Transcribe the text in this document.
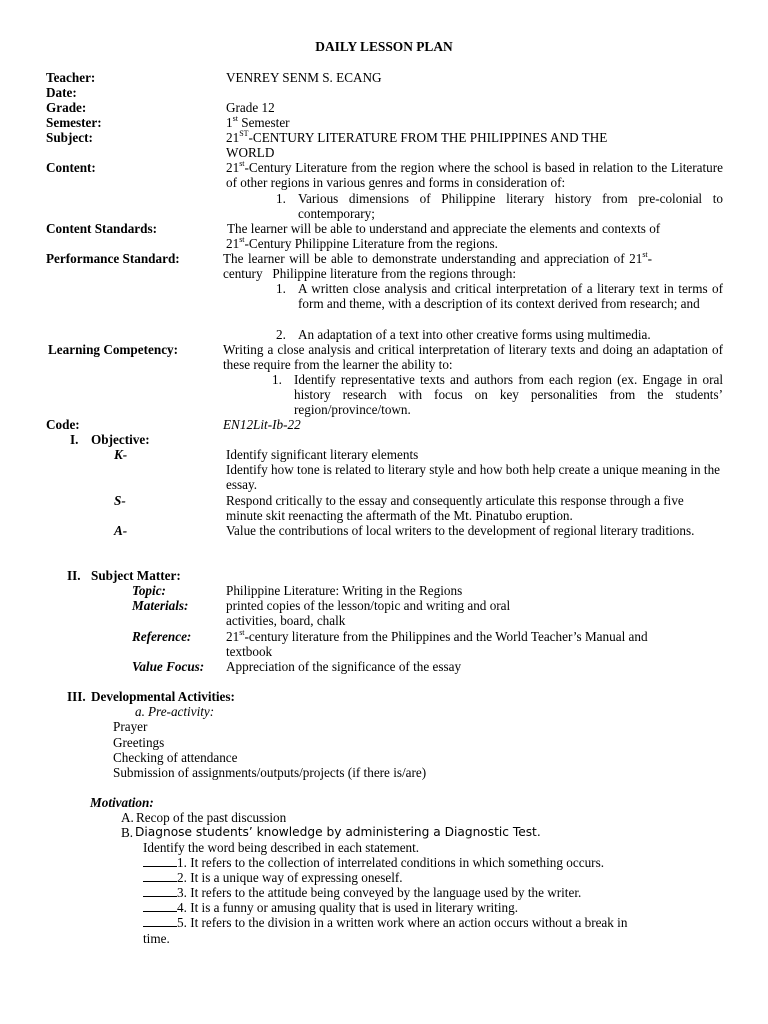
DAILY LESSON PLAN
Teacher:	VENREY SENM S. ECANG
Date:
Grade:	Grade 12
Semester:	1st Semester
Subject:	21ST-CENTURY LITERATURE FROM THE PHILIPPINES AND THE
WORLD
Content:	21st-Century Literature from the region where the school is based in relation to the Literature of other regions in various genres and forms in consideration of:
1. Various dimensions of Philippine literary history from pre-colonial to contemporary;
Content Standards:	The learner will be able to understand and appreciate the elements and contexts of
21st-Century Philippine Literature from the regions.
Performance Standard:	The learner will be able to demonstrate understanding and appreciation of 21st-
century   Philippine literature from the regions through:
1. A written close analysis and critical interpretation of a literary text in terms of form and theme, with a description of its context derived from research; and
2. An adaptation of a text into other creative forms using multimedia.
Learning Competency:	Writing a close analysis and critical interpretation of literary texts and doing an adaptation of these require from the learner the ability to:
1. Identify representative texts and authors from each region (ex. Engage in oral history research with focus on key personalities from the students’ region/province/town.
Code:	EN12Lit-Ib-22
I. Objective:
K-	Identify significant literary elements
Identify how tone is related to literary style and how both help create a unique meaning in the essay.
S-	Respond critically to the essay and consequently articulate this response through a five minute skit reenacting the aftermath of the Mt. Pinatubo eruption.
A-	Value the contributions of local writers to the development of regional literary traditions.
II. Subject Matter:
Topic:	Philippine Literature: Writing in the Regions
Materials:	printed copies of the lesson/topic and writing and oral
activities, board, chalk
Reference:	21st-century literature from the Philippines and the World Teacher’s Manual and
textbook
Value Focus: Appreciation of the significance of the essay
III. Developmental Activities:
a. Pre-activity:
Prayer
Greetings
Checking of attendance
Submission of assignments/outputs/projects (if there is/are)
Motivation:
A. Recop of the past discussion
B. Diagnose students’ knowledge by administering a Diagnostic Test.
Identify the word being described in each statement.
1. It refers to the collection of interrelated conditions in which something occurs.
2. It is a unique way of expressing oneself.
3. It refers to the attitude being conveyed by the language used by the writer.
4. It is a funny or amusing quality that is used in literary writing.
5. It refers to the division in a written work where an action occurs without a break in
time.
